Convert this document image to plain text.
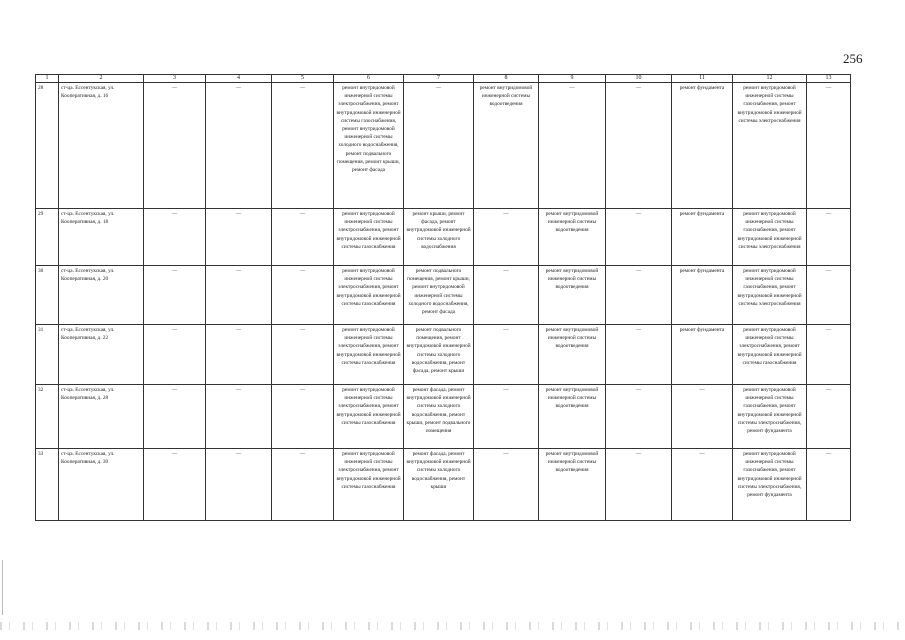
256
1	2	3	4	5	6	7	8	9	10	11	12	13
28	ст-ца. Ессентукская, ул. Кооперативная, д. 16	—	—	—	ремонт внутридомовой инженерной системы электроснабжения, ремонт внутридомовой инженерной системы газоснабжения, ремонт внутридомовой инженерной системы холодного водоснабжения, ремонт подвального помещения, ремонт крыши, ремонт фасада	—	ремонт внутридомовой инженерной системы водоотведения	—	—	ремонт фундамента	ремонт внутридомовой инженерной системы газоснабжения, ремонт внутридомовой инженерной системы электроснабжения	—
29	ст-ца. Ессентукская, ул. Кооперативная, д. 18	—	—	—	ремонт внутридомовой инженерной системы электроснабжения, ремонт внутридомовой инженерной системы газоснабжения	ремонт крыши, ремонт фасада, ремонт внутридомовой инженерной системы холодного водоснабжения	—	ремонт внутридомовой инженерной системы водоотведения	—	ремонт фундамента	ремонт внутридомовой инженерной системы газоснабжения, ремонт внутридомовой инженерной системы электроснабжения	—
30	ст-ца. Ессентукская, ул. Кооперативная, д. 20	—	—	—	ремонт внутридомовой инженерной системы электроснабжения, ремонт внутридомовой инженерной системы газоснабжения	ремонт подвального помещения, ремонт крыши, ремонт внутридомовой инженерной системы холодного водоснабжения, ремонт фасада	—	ремонт внутридомовой инженерной системы водоотведения	—	ремонт фундамента	ремонт внутридомовой инженерной системы газоснабжения, ремонт внутридомовой инженерной системы электроснабжения	—
31	ст-ца. Ессентукская, ул. Кооперативная, д. 22	—	—	—	ремонт внутридомовой инженерной системы электроснабжения, ремонт внутридомовой инженерной системы газоснабжения	ремонт подвального помещения, ремонт внутридомовой инженерной системы холодного водоснабжения, ремонт фасада, ремонт крыши	—	ремонт внутридомовой инженерной системы водоотведения	—	ремонт фундамента	ремонт внутридомовой инженерной системы электроснабжения, ремонт внутридомовой инженерной системы газоснабжения	—
32	ст-ца. Ессентукская, ул. Кооперативная, д. 28	—	—	—	ремонт внутридомовой инженерной системы электроснабжения, ремонт внутридомовой инженерной системы газоснабжения	ремонт фасада, ремонт внутридомовой инженерной системы холодного водоснабжения, ремонт крыши, ремонт подвального помещения	—	ремонт внутридомовой инженерной системы водоотведения	—	—	ремонт внутридомовой инженерной системы газоснабжения, ремонт внутридомовой инженерной системы электроснабжения, ремонт фундамента	—
33	ст-ца. Ессентукская, ул. Кооперативная, д. 30	—	—	—	ремонт внутридомовой инженерной системы электроснабжения, ремонт внутридомовой инженерной системы газоснабжения	ремонт фасада, ремонт внутридомовой инженерной системы холодного водоснабжения, ремонт крыши	—	ремонт внутридомовой инженерной системы водоотведения	—	—	ремонт внутридомовой инженерной системы газоснабжения, ремонт внутридомовой инженерной системы электроснабжения, ремонт фундамента	—
